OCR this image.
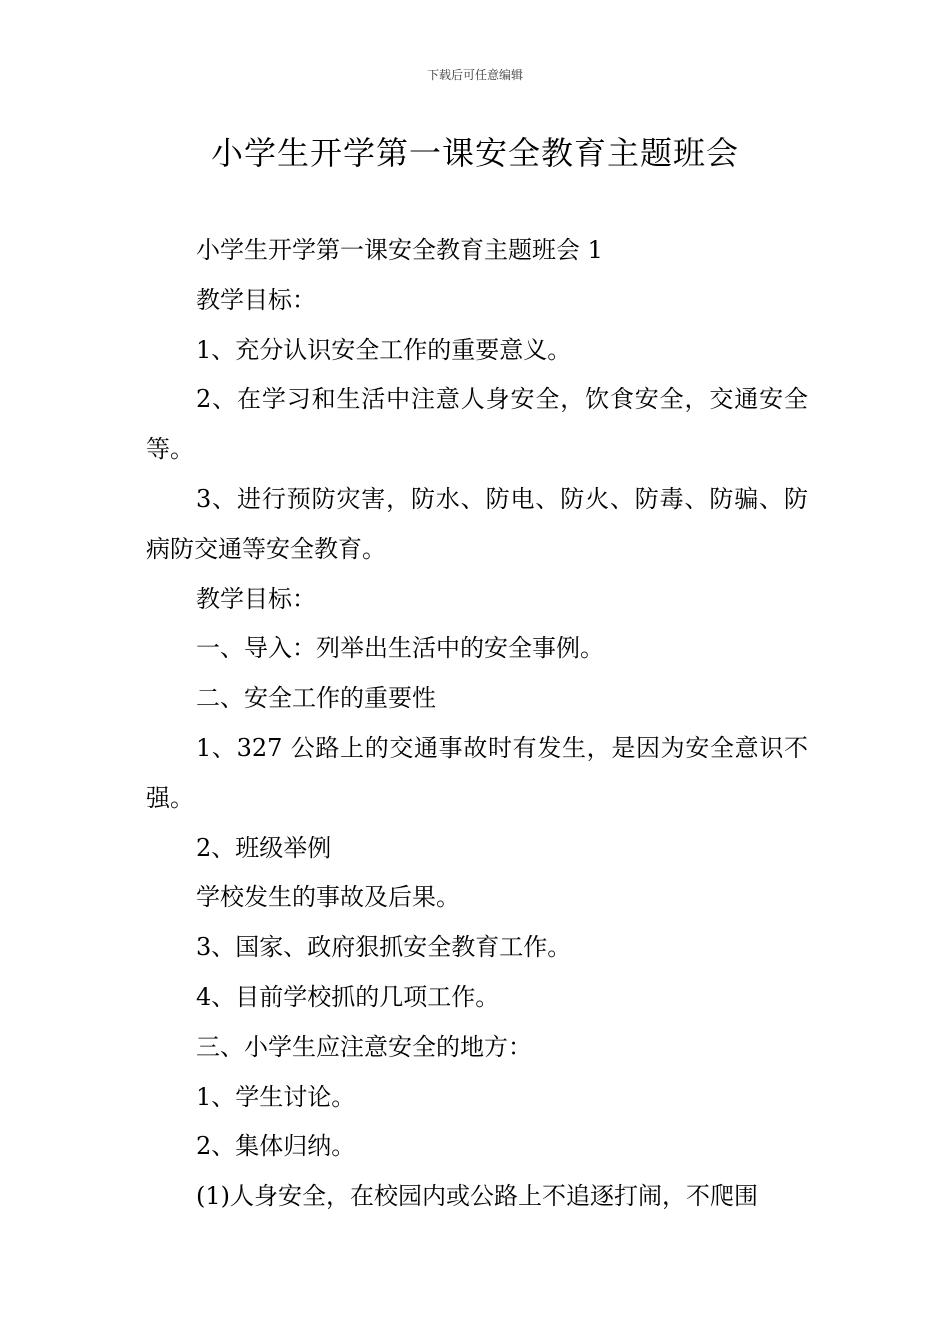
下载后可任意编辑
小学生开学第一课安全教育主题班会

小学生开学第一课安全教育主题班会 1

教学目标：

1、充分认识安全工作的重要意义。

2、在学习和生活中注意人身安全，饮食安全，交通安全等。

3、进行预防灾害，防水、防电、防火、防毒、防骗、防病防交通等安全教育。

教学目标：

一、导入：列举出生活中的安全事例。

二、安全工作的重要性

1、327 公路上的交通事故时有发生，是因为安全意识不强。

2、班级举例

学校发生的事故及后果。

3、国家、政府狠抓安全教育工作。

4、目前学校抓的几项工作。

三、小学生应注意安全的地方：

1、学生讨论。

2、集体归纳。

(1)人身安全，在校园内或公路上不追逐打闹，不爬围
